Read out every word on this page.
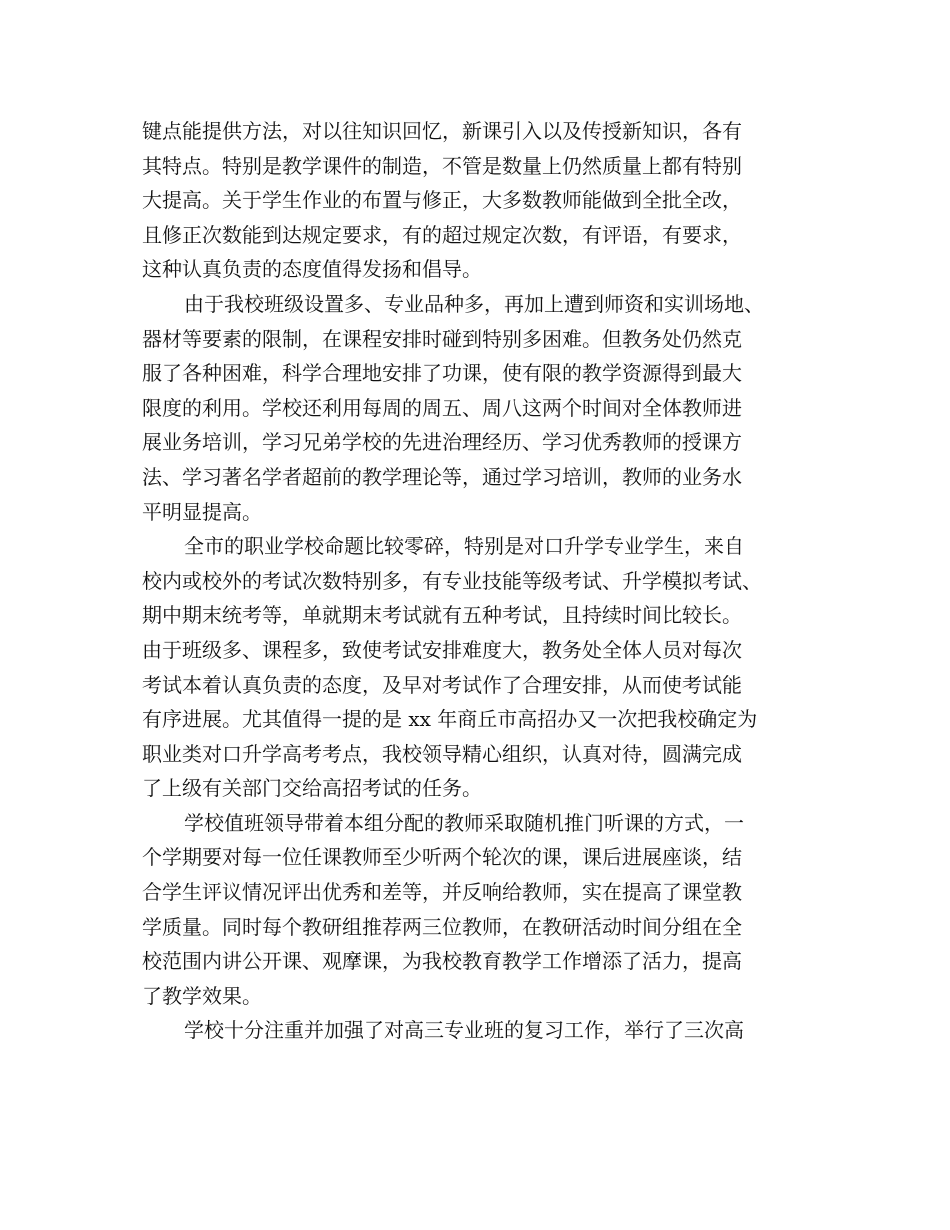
键点能提供方法，对以往知识回忆，新课引入以及传授新知识，各有
其特点。特别是教学课件的制造，不管是数量上仍然质量上都有特别
大提高。关于学生作业的布置与修正，大多数教师能做到全批全改，
且修正次数能到达规定要求，有的超过规定次数，有评语，有要求，
这种认真负责的态度值得发扬和倡导。
由于我校班级设置多、专业品种多，再加上遭到师资和实训场地、
器材等要素的限制，在课程安排时碰到特别多困难。但教务处仍然克
服了各种困难，科学合理地安排了功课，使有限的教学资源得到最大
限度的利用。学校还利用每周的周五、周八这两个时间对全体教师进
展业务培训，学习兄弟学校的先进治理经历、学习优秀教师的授课方
法、学习著名学者超前的教学理论等，通过学习培训，教师的业务水
平明显提高。
全市的职业学校命题比较零碎，特别是对口升学专业学生，来自
校内或校外的考试次数特别多，有专业技能等级考试、升学模拟考试、
期中期末统考等，单就期末考试就有五种考试，且持续时间比较长。
由于班级多、课程多，致使考试安排难度大，教务处全体人员对每次
考试本着认真负责的态度，及早对考试作了合理安排，从而使考试能
有序进展。尤其值得一提的是 xx 年商丘市高招办又一次把我校确定为
职业类对口升学高考考点，我校领导精心组织，认真对待，圆满完成
了上级有关部门交给高招考试的任务。
学校值班领导带着本组分配的教师采取随机推门听课的方式，一
个学期要对每一位任课教师至少听两个轮次的课，课后进展座谈，结
合学生评议情况评出优秀和差等，并反响给教师，实在提高了课堂教
学质量。同时每个教研组推荐两三位教师，在教研活动时间分组在全
校范围内讲公开课、观摩课，为我校教育教学工作增添了活力，提高
了教学效果。
学校十分注重并加强了对高三专业班的复习工作，举行了三次高
